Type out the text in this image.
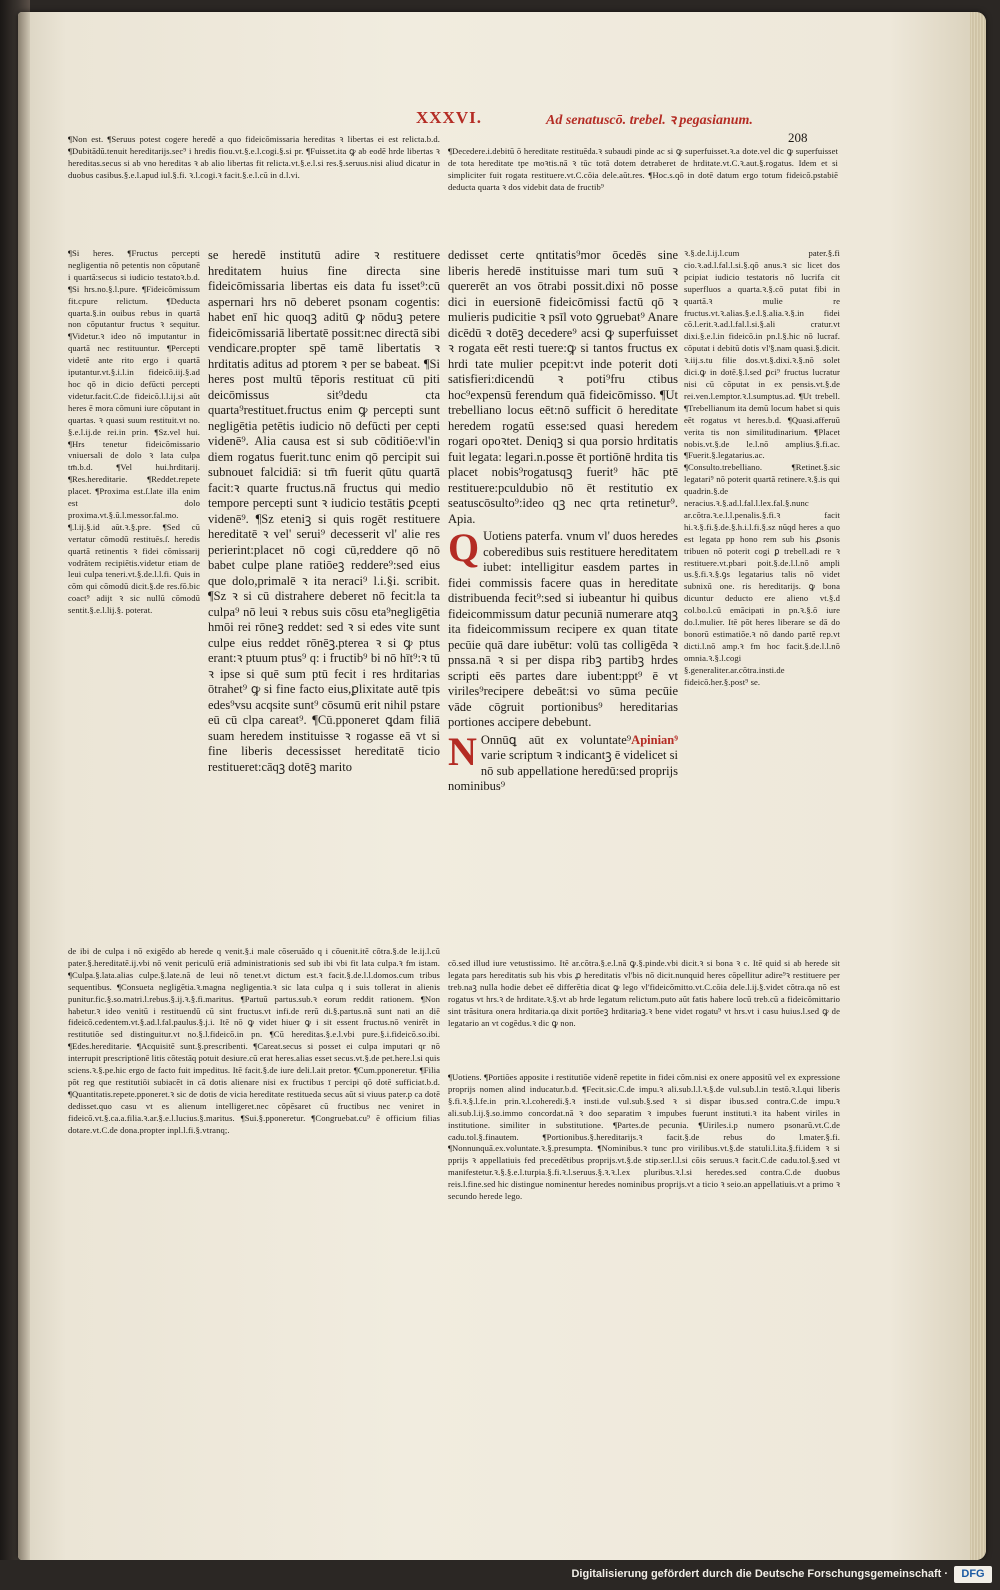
XXXVI.	Ad senatuscō. trebel. ꝛ pegasianum.
208

¶Non est. ¶Seruus potest cogere heredē a quo fideicōmissaria hereditas ꝛ libertas ei est relicta.b.d. ¶Dubitādū.tenuit hereditarijs.sec⁹ i hredis fiou.vt.§.e.l.cogi.§.si pr. ¶Fuisset.ita ꝙ ab eodē hrde libertas ꝛ hereditas.secus si ab vno hereditas ꝛ ab alio libertas fit relicta.vt.§.e.l.si res.§.seruus.nisi aliud dicatur in duobus casibus.§.e.l.apud iul.§.fi. ꝛ.l.cogi.ꝛ facit.§.e.l.cū in d.l.vi.

¶Si heres. ¶Fructus percepti negligentia nō petentis non cōputanē i quartā:secus si iudicio testatoꝛ.b.d. ¶Si hrs.no.§.l.pure. ¶Fideicōmissum fit.cpure relictum. ¶Deducta quarta.§.in ouibus rebus in quartā non cōputantur fructus ꝛ sequitur. ¶Videtur.ꝛ ideo nō imputantur in quartā nec restituuntur. ¶Percepti videtē ante rito ergo i quartā iputantur.vt.§.i.l.in fideicō.iij.§.ad hoc qō in dicio defūcti percepti videtur.facit.C.de fideicō.l.l.ij.si aūt heres ē mora cōmuni iure cōputant in quartas. ꝛ quasi suum restituit.vt no. §.e.l.ij.de rei.in prin. ¶Sz.vel hui. ¶Hrs tenetur fideicōmissario vniuersali de dolo ꝛ lata culpa tm̄.b.d. ¶Vel hui.hrditarij. ¶Res.hereditarie. ¶Reddet.repete placet. ¶Proxima est.ſ.late illa enim est dolo proxima.vt.§.ū.l.messor.fal.mo. ¶.l.ij.§.id aūt.ꝛ.§.pre. ¶Sed cū vertatur cōmodū restituēs.ſ. heredis quartā retinentis ꝛ fidei cōmissarij vodrātem recipiētis.videtur etiam de leui culpa teneri.vt.§.de.l.l.fi. Quis in cōm qui cōmodū dicit.§.de res.fō.bic coact⁹ adijt ꝛ sic nullū cōmodū sentit.§.e.l.lij.§. poterat.

se heredē institutū adire ꝛ restituere hreditatem huius fine directa sine fideicōmissaria libertas eis data fu isset⁹:cū aspernari hrs nō deberet psonam cogentis: habet enī hic quoqꝫ aditū ꝙ nōduꝫ petere fideicōmissariā libertatē possit:nec directā sibi vendicare.propter spē tamē libertatis ꝛ hrditatis aditus ad ptorem ꝛ per se babeat. ¶Si heres post multū tēporis restituat cū piti deicōmissus sit⁹dedu cta quarta⁹restituet.fructus enim ꝙ percepti sunt negligētia petētis iudicio nō defūcti per cepti videnē⁹. Alia causa est si sub cōditiōe:vl'in diem rogatus fuerit.tunc enim qō percipit sui subnouet falcidiā: si tm̄ fuerit qūtu quartā facit:ꝛ quarte fructus.nā fructus qui medio tempore percepti sunt ꝛ iudicio testātis ꝑcepti videnē⁹. ¶Sz eteniꝫ si quis rogēt restituere hereditatē ꝛ vel' serui⁹ decesserit vl' alie res perierint:placet nō cogi cū,reddere qō nō babet culpe plane ratiōeꝫ reddere⁹:sed eius que dolo,primalē ꝛ ita neraci⁹ l.i.§i. scribit. ¶Sz ꝛ si cū distrahere deberet nō fecit:la ta culpa⁹ nō leui ꝛ rebus suis cōsu eta⁹negligētia hmōi rei rōneꝫ reddet: sed ꝛ si edes vite sunt culpe eius reddet rōnēꝫ.pterea ꝛ si ꝙ ptus erant:ꝛ ptuum ptus⁹ q: i fructib⁹ bi nō hīt⁹:ꝛ tū ꝛ ipse si quē sum ptū fecit i res hrditarias ōtrahet⁹ ꝙ si fine facto eius,ꝑlixitate autē tpis edes⁹vsu acqsite sunt⁹ cōsumū erit nihil pstare eū cū clpa careat⁹. ¶Cū.pponeret ꝗdam filiā suam heredem instituisse ꝛ rogasse eā vt si fine liberis decessisset hereditatē ticio restitueret:cāqꝫ dotēꝫ marito

¶Decedere.i.debitū ō hereditate restituēda.ꝛ subaudi pinde ac si ꝙ superfuisset.ꝛ.a dote.vel dic ꝙ superfuisset de tota hereditate tpe moꝛtis.nā ꝛ tūc totā dotem detraberet de hrditate.vt.C.ꝛ.aut.§.rogatus. Idem et si simpliciter fuit rogata restituere.vt.C.cōia dele.aūt.res. ¶Hoc.s.qō in dotē datum ergo totum fideicō.pstabiē deducta quarta ꝛ dos videbit data de fructib⁹

dedisset certe qntitatis⁹mor ōcedēs sine liberis heredē instituisse mari tum suū ꝛ quererēt an vos ōtrabi possit.dixi nō posse dici in euersionē fideicōmissi factū qō ꝛ mulieris pudicitie ꝛ psīl voto ꝯgruebat⁹ Anare dicēdū ꝛ dotēꝫ decedere⁹ acsi ꝙ superfuisset ꝛ rogata eēt resti tuere:ꝙ si tantos fructus ex hrdi tate mulier pcepit:vt inde poterit doti satisfieri:dicendū ꝛ poti⁹fru ctibus hoc⁹expensū ferendum quā fideicōmisso. ¶Ut trebelliano locus eēt:nō sufficit ō hereditate heredem rogatū esse:sed quasi heredem rogari opoꝛtet. Deniqꝫ si qua porsio hrditatis fuit legata: legari.n.posse ēt portiōnē hrdita tis placet nobis⁹rogatusqꝫ fuerit⁹ hāc ptē restituere:pculdubio nō ēt restitutio ex seatuscōsulto⁹:ideo qꝫ nec qrta retinetur⁹. Apia.

Q Uotiens paterfa. vnum vl' duos heredes coberedibus suis restituere hereditatem iubet: intelligitur easdem partes in fidei commissis facere quas in hereditate distribuenda fecit⁹:sed si iubeantur hi quibus fideicommissum datur pecuniā numerare atqꝫ ita fideicommissum recipere ex quan titate pecūie quā dare iubētur: volū tas colligēda ꝛ pnssa.nā ꝛ si per dispa ribꝫ partibꝫ hrdes scripti eēs partes dare iubent:ppt⁹ ē vt viriles⁹recipere debeāt:si vo sūma pecūie vāde cōgruit portionibus⁹ hereditarias portiones accipere debebunt.

Apinian⁹
N Onnūꝗ aūt ex voluntate⁹ varie scriptum ꝛ indicantꝫ ē videlicet si nō sub appellatione heredū:sed proprijs nominibus⁹

ꝛ.§.de.l.ij.l.cum pater.§.fi cio.ꝛ.ad.l.fal.l.si.§.qō anus.ꝛ sic licet dos pcipiat iudicio testatoris nō lucrifa cit superfluos a quarta.ꝛ.§.cō putat fibi in quartā.ꝛ mulie re fructus.vt.ꝛ.alias.§.e.l.§.alia.ꝛ.§.in fidei cō.l.erit.ꝛ.ad.l.fal.l.si.§.ali cratur.vt dixi.§.e.l.in fideicō.in pn.l.§.hic nō lucraf. cōputat i debitū dotis vl'§.nam quasi.§.dicit. ꝛ.iij.s.tu filie dos.vt.§.dixi.ꝛ.§.nō solet dici.ꝙ in dotē.§.l.sed ꝑci⁹ fructus lucratur nisi cū cōputat in ex pensis.vt.§.de rei.ven.l.emptor.ꝛ.l.sumptus.ad. ¶Ut trebell. ¶Trebellianum ita demū locum habet si quis eēt rogatus vt heres.b.d. ¶Quasi.afferuū verita tis non similitudinarium. ¶Placet nobis.vt.§.de le.l.nō amplius.§.fi.ac. ¶Fuerit.§.legatarius.ac. ¶Consulto.trebelliano. ¶Retinet.§.sic legatari⁹ nō poterit quartā retinere.ꝛ.§.is qui quadrin.§.de neracius.ꝛ.§.ad.l.fal.l.lex.fal.§.nunc ar.cōtra.ꝛ.e.l.l.penalis.§.fi.ꝛ facit hi.ꝛ.§.fi.§.de.§.h.i.l.fi.§.sz nūqd heres a quo est legata pp hono rem sub his ꝓsonis tribuen nō poterit cogi ꝑ trebell.adi re ꝛ restituere.vt.pbari poit.§.de.l.l.nō ampli us.§.fi.ꝛ.§.ꝯs legatarius talis nō videt subnixū one. ris hereditarijs. ꝙ bona dicuntur deducto ere alieno vt.§.d col.bo.l.cū emācipati in pn.ꝛ.§.ō iure do.l.mulier. Itē pōt heres liberare se dā do bonorū estimatiōe.ꝛ nō dando partē rep.vt dicti.l.nō amp.ꝛ fm hoc facit.§.de.l.l.nō omnia.ꝛ.§.l.cogi §.generaliter.ar.cōtra.insti.de fideicō.her.§.post⁹ se.

de ibi de culpa i nō exigēdo ab herede q venit.§.i male cōseruādo q i cōuenit.itē cōtra.§.de le.ij.l.cū pater.§.hereditatē.ij.vbi nō venit periculū eriā administrationis sed sub ibi vbi fit lata culpa.ꝛ fm istam. ¶Culpa.§.lata.alias culpe.§.late.nā de leui nō tenet.vt dictum est.ꝛ facit.§.de.l.l.domos.cum tribus sequentibus. ¶Consueta negligētia.ꝛ.magna negligentia.ꝛ sic lata culpa q i suis tollerat in alienis punitur.fic.§.so.matri.l.rebus.§.ij.ꝛ.§.fi.maritus. ¶Partuū partus.sub.ꝛ eorum reddit rationem. ¶Non habetur.ꝛ ideo venitū i restituendū cū sint fructus.vt infi.de rerū di.§.partus.nā sunt nati an diē fideicō.cedentem.vt.§.ad.l.fal.paulus.§.j.i. Itē nō ꝙ videt hiuer ꝙ i sit essent fructus.nō venirēt in restitutiōe sed distinguitur.vt no.§.l.fideicō.in pn. ¶Cū hereditas.§.e.l.vbi pure.§.i.fideicō.so.ibi. ¶Edes.hereditarie. ¶Acquisitē sunt.§.prescribenti. ¶Careat.secus si posset ei culpa imputari qr nō interrupit prescriptionē litis cōtestāq potuit desiure.cū erat heres.alias esset secus.vt.§.de pet.here.l.si quis sciens.ꝛ.§.pe.hic ergo de facto fuit impeditus. Itē facit.§.de iure deli.l.ait pretor. ¶Cum.pponeretur. ¶Filia pōt reg que restitutiōi subiacēt in cā dotis alienare nisi ex fructibus ī percipi qō dotē sufficiat.b.d. ¶Quantitatis.repete.pponeret.ꝛ sic de dotis de vicia hereditate restitueda secus aūt si viuus pater.p ca dotē dedisset.quo casu vt es alienum intelligeret.nec cōpēsaret cū fructibus nec veniret in fideicō.vt.§.ca.a.filia.ꝛ.ar.§.e.l.lucius.§.maritus. ¶Sui.§.pponeretur. ¶Congruebat.cu⁹ ē officium filias dotare.vt.C.de dona.propter inpl.l.fi.§.vtranq;.

cō.sed illud iure vetustissimo. Itē ar.cōtra.§.e.l.nā ꝙ.§.pinde.vbi dicit.ꝛ si bona ꝛ c. Itē quid si ab herede sit legata pars hereditatis sub his vbis ꝓ hereditatis vl'bis nō dicit.nunquid heres cōpellitur adire⁹ꝛ restituere per treb.naꝫ nulla hodie debet eē differētia dicat ꝙ lego vl'fideicōmitto.vt.C.cōia dele.l.ij.§.videt cōtra.qa nō est rogatus vt hrs.ꝛ de hrditate.ꝛ.§.vt ab hrde legatum relictum.puto aūt fatis habere locū treb.cū a fideicōmittario sint trāsitura onera hrditaria.qa dixit portōeꝫ hrditariaꝫ.ꝛ bene videt rogatu⁹ vt hrs.vt i casu huius.l.sed ꝙ de legatario an vt cogēdus.ꝛ dic ꝙ non.

¶Uotiens. ¶Portiōes apposite i restitutiōe videnē repetite in fidei cōm.nisi ex onere appositū vel ex expressione proprijs nomen alind inducatur.b.d. ¶Fecit.sic.C.de impu.ꝛ ali.sub.l.l.ꝛ.§.de vul.sub.l.in testō.ꝛ.l.qui liberis §.fi.ꝛ.§.l.fe.in prin.ꝛ.l.coheredi.§.ꝛ insti.de vul.sub.§.sed ꝛ si dispar ibus.sed contra.C.de impu.ꝛ ali.sub.l.ij.§.so.immo concordat.nā ꝛ doo separatim ꝛ impubes fuerunt instituti.ꝛ ita habent viriles in institutione. similiter in substitutione. ¶Partes.de pecunia. ¶Uiriles.i.p numero psonarū.vt.C.de cadu.tol.§.finautem. ¶Portionibus.§.hereditarijs.ꝛ facit.§.de rebus do l.mater.§.fi. ¶Nonnunquā.ex.voluntate.ꝛ.§.presumpta. ¶Nominibus.ꝛ tunc pro virilibus.vt.§.de statuli.l.ita.§.fi.idem ꝛ si pprijs ꝛ appellatiuis fed precedētibus proprijs.vt.§.de stip.ser.l.l.si cōis seruus.ꝛ facit.C.de cadu.tol.§.sed vt manifestetur.ꝛ.§.§.e.l.turpia.§.fi.ꝛ.l.seruus.§.ꝛ.ꝛ.l.ex pluribus.ꝛ.l.si heredes.sed contra.C.de duobus reis.l.fine.sed hic distingue nominentur heredes nominibus proprijs.vt a ticio ꝛ seio.an appellatiuis.vt a primo ꝛ secundo herede lego.

Digitalisierung gefördert durch die Deutsche Forschungsgemeinschaft ·	DFG
